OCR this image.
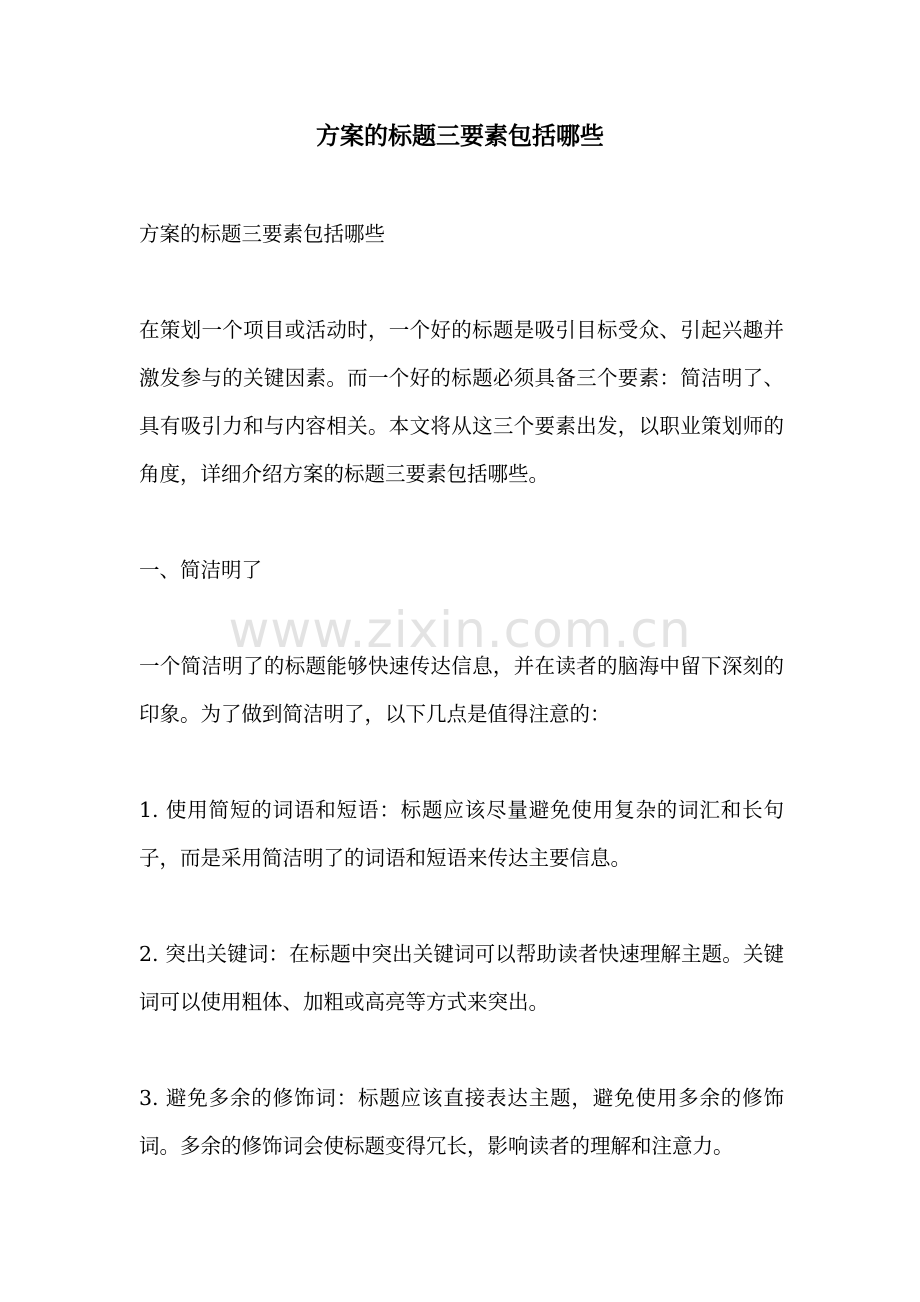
方案的标题三要素包括哪些

方案的标题三要素包括哪些

在策划一个项目或活动时，一个好的标题是吸引目标受众、引起兴趣并激发参与的关键因素。而一个好的标题必须具备三个要素：简洁明了、具有吸引力和与内容相关。本文将从这三个要素出发，以职业策划师的角度，详细介绍方案的标题三要素包括哪些。

一、简洁明了

一个简洁明了的标题能够快速传达信息，并在读者的脑海中留下深刻的印象。为了做到简洁明了，以下几点是值得注意的：

1. 使用简短的词语和短语：标题应该尽量避免使用复杂的词汇和长句子，而是采用简洁明了的词语和短语来传达主要信息。

2. 突出关键词：在标题中突出关键词可以帮助读者快速理解主题。关键词可以使用粗体、加粗或高亮等方式来突出。

3. 避免多余的修饰词：标题应该直接表达主题，避免使用多余的修饰词。多余的修饰词会使标题变得冗长，影响读者的理解和注意力。

www.zixin.com.cn
